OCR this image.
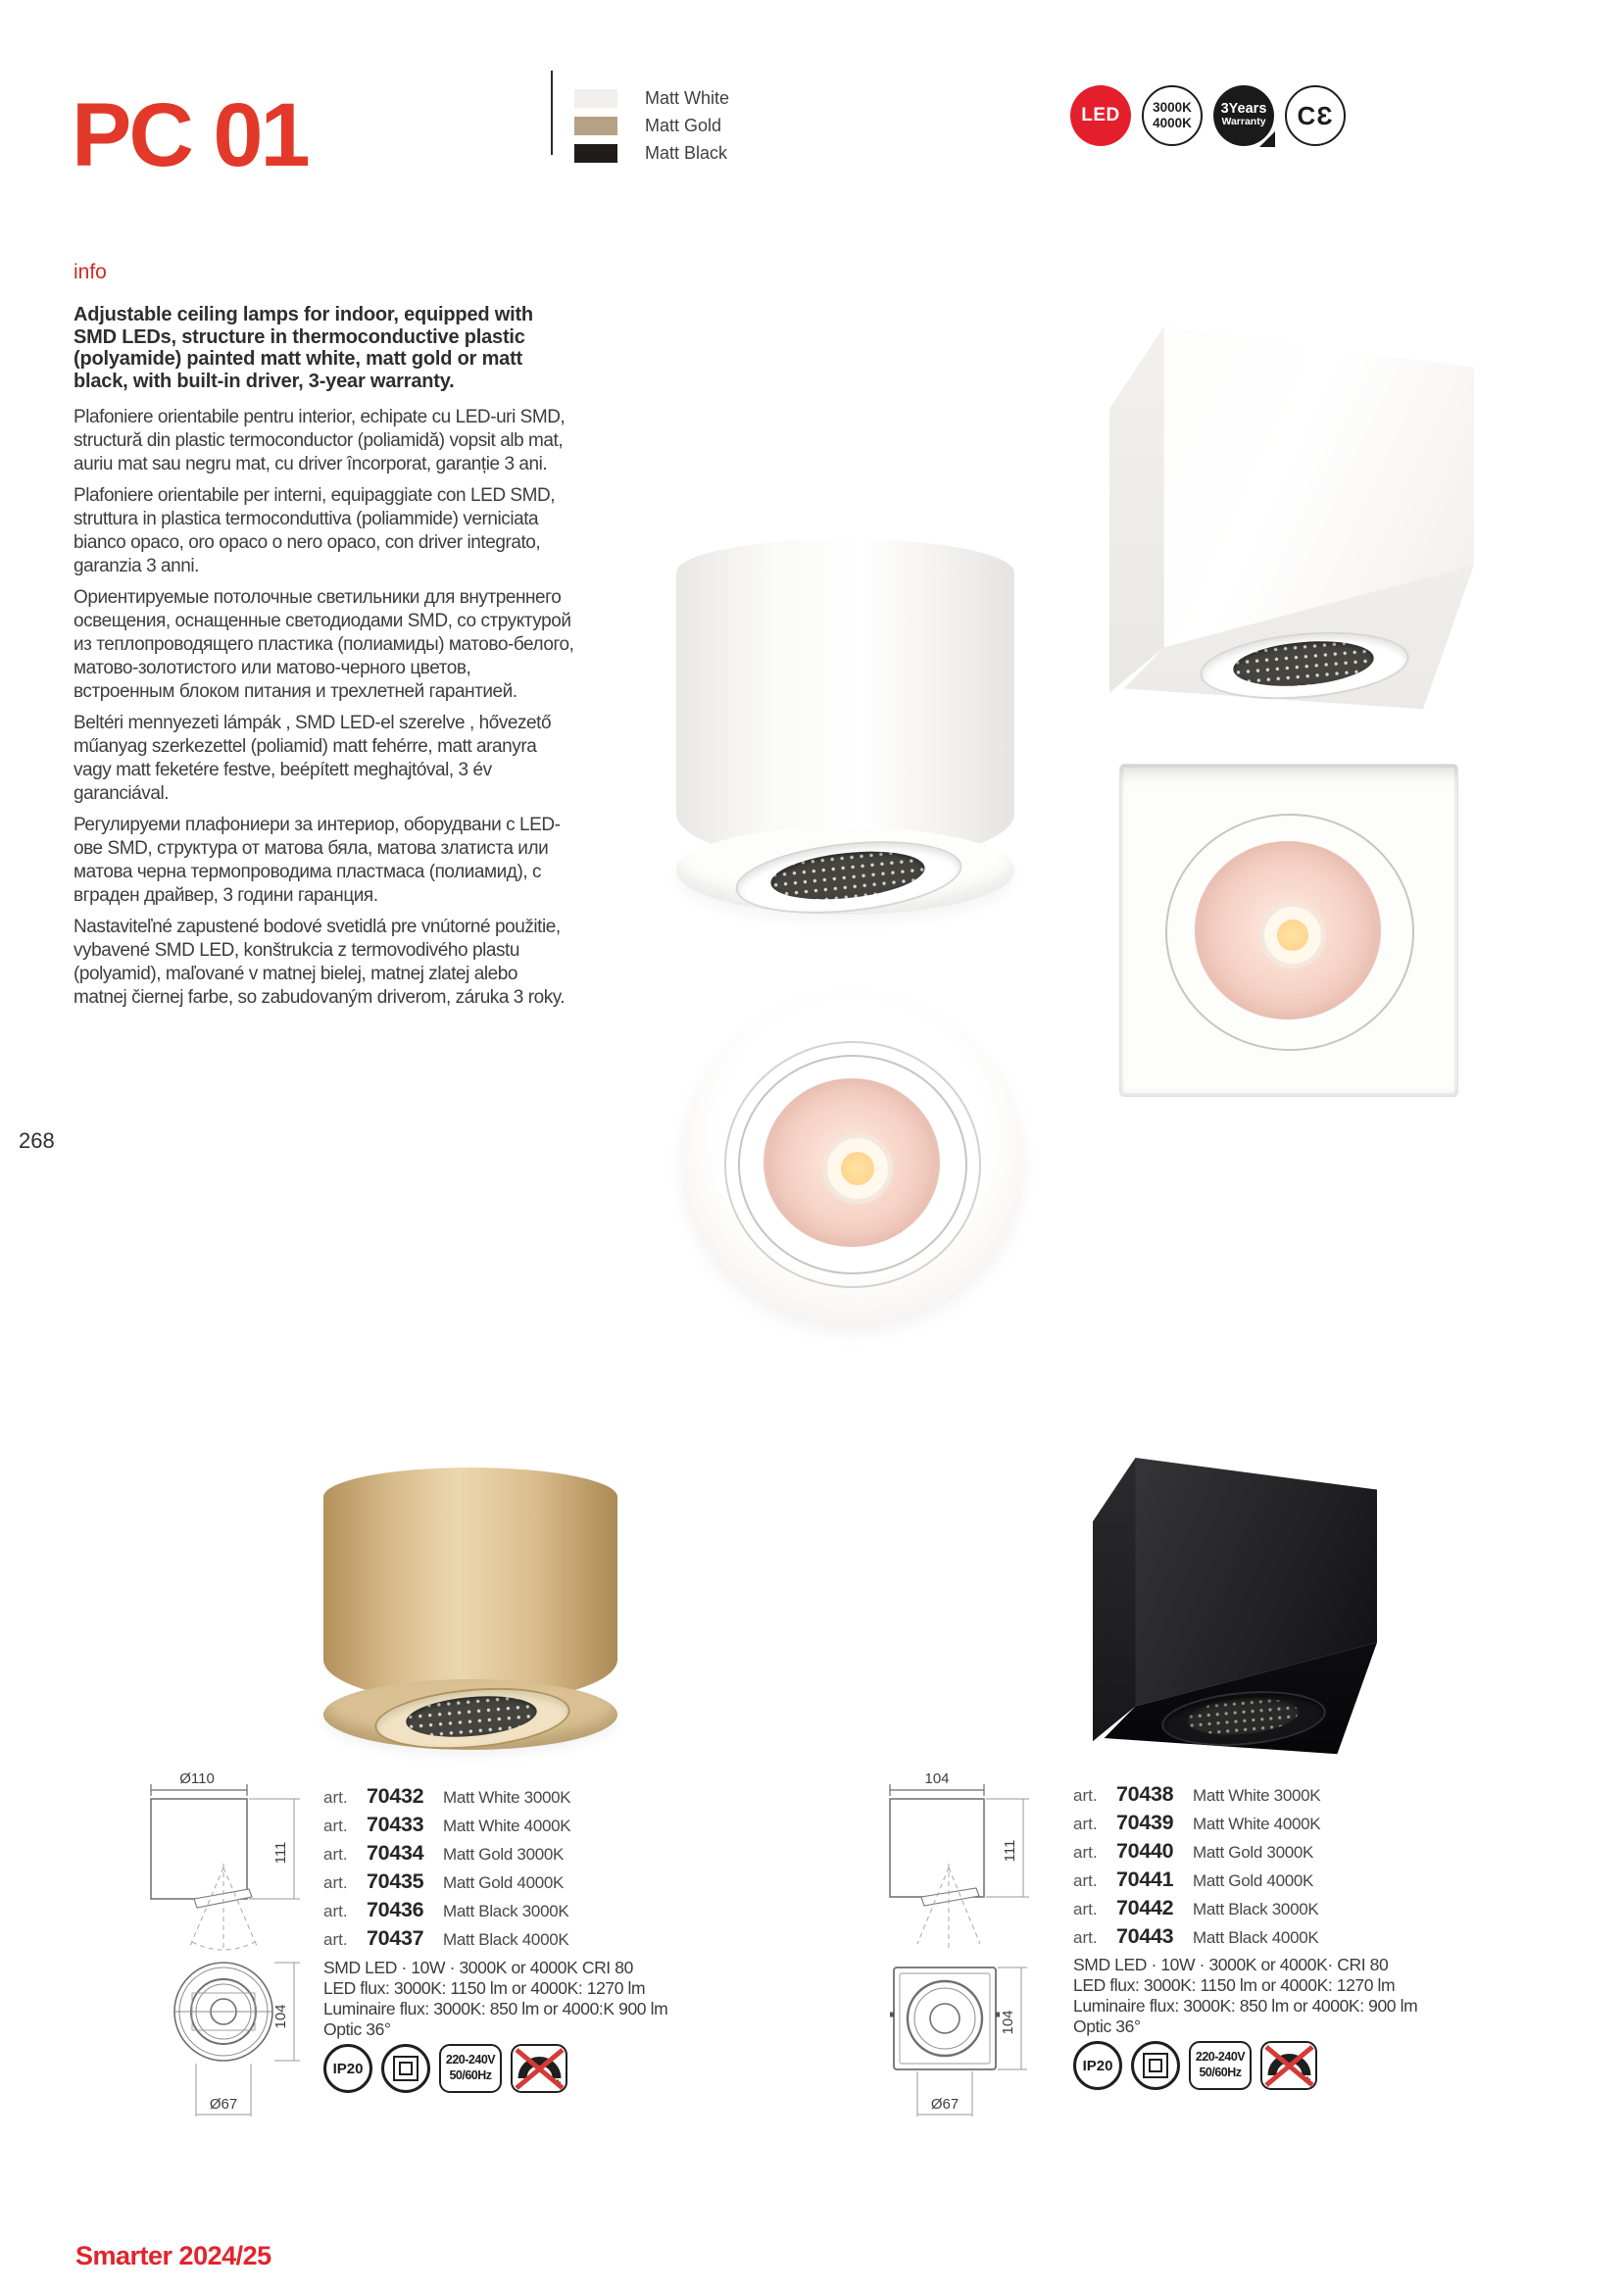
PC 01	Matt White
Matt Gold
Matt Black
LED	3000K
4000K
3Years
Warranty	CƐ
info

Adjustable ceiling lamps for indoor, equipped with SMD LEDs, structure in thermoconductive plastic (polyamide) painted matt white, matt gold or matt black, with built-in driver, 3-year warranty.

Plafoniere orientabile pentru interior, echipate cu LED-uri SMD, structură din plastic termoconductor (poliamidă) vopsit alb mat, auriu mat sau negru mat, cu driver încorporat, garanție 3 ani.

Plafoniere orientabile per interni, equipaggiate con LED SMD, struttura in plastica termoconduttiva (poliammide) verniciata bianco opaco, oro opaco o nero opaco, con driver integrato, garanzia 3 anni.

Ориентируемые потолочные светильники для внутреннего освещения, оснащенные светодиодами SMD, со структурой из теплопроводящего пластика (полиамиды) матово-белого, матово-золотистого или матово-черного цветов, встроенным блоком питания и трехлетней гарантией.

Beltéri mennyezeti lámpák , SMD LED-el szerelve , hővezető műanyag szerkezettel (poliamid) matt fehérre, matt aranyra vagy matt feketére festve, beépített meghajtóval, 3 év garanciával.

Регулируеми плафониери за интериор, оборудвани с LED-ове SMD, структура от матова бяла, матова златиста или матова черна термопроводима пластмаса (полиамид), с вграден драйвер, 3 години гаранция.

Nastaviteľné zapustené bodové svetidlá pre vnútorné použitie, vybavené SMD LED, konštrukcia z termovodivého plastu (polyamid), maľované v matnej bielej, matnej zlatej alebo matnej čiernej farbe, so zabudovaným driverom, záruka 3 roky.

268
Ø110
111
104
Ø67
art. 70432	Matt White 3000K
art. 70433	Matt White 4000K
art. 70434	Matt Gold 3000K
art. 70435	Matt Gold 4000K
art. 70436	Matt Black 3000K
art. 70437	Matt Black 4000K
SMD LED · 10W · 3000K or 4000K CRI 80
LED flux: 3000K: 1150 lm or 4000K: 1270 lm
Luminaire flux: 3000K: 850 lm or 4000:K 900 lm
Optic 36°
IP20
220-240V
50/60Hz
-	+
104
111
104
Ø67
art. 70438	Matt White 3000K
art. 70439	Matt White 4000K
art. 70440	Matt Gold 3000K
art. 70441	Matt Gold 4000K
art. 70442	Matt Black 3000K
art. 70443	Matt Black 4000K
SMD LED · 10W · 3000K or 4000K· CRI 80
LED flux: 3000K: 1150 lm or 4000K: 1270 lm
Luminaire flux: 3000K: 850 lm or 4000K: 900 lm
Optic 36°
IP20
220-240V
50/60Hz
-	+
Smarter 2024/25
